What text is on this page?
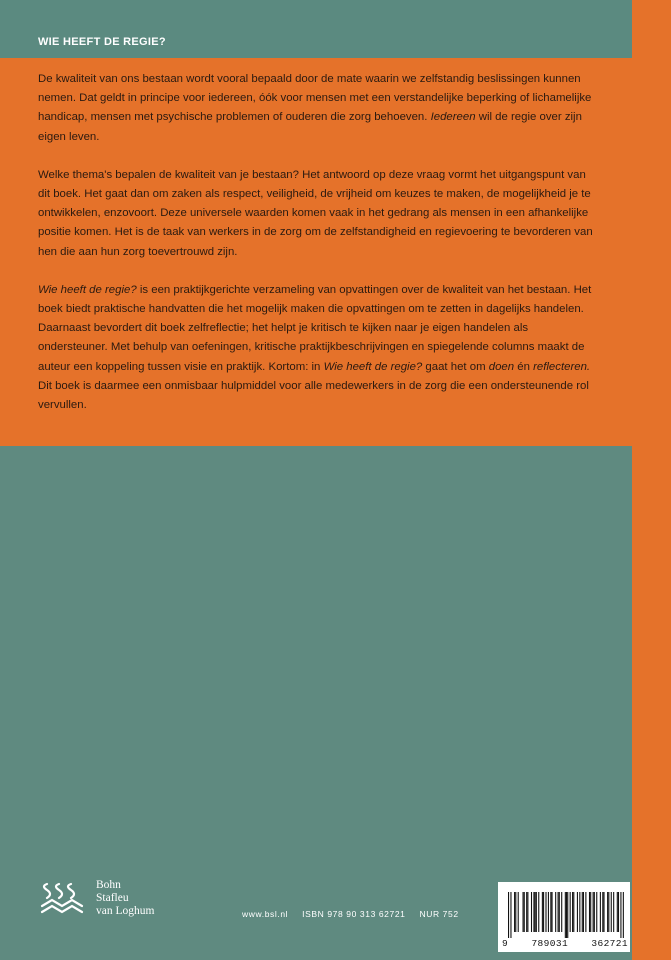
WIE HEEFT DE REGIE?

De kwaliteit van ons bestaan wordt vooral bepaald door de mate waarin we zelfstandig beslissingen kunnen nemen. Dat geldt in principe voor iedereen, óók voor mensen met een verstandelijke beperking of lichamelijke handicap, mensen met psychische problemen of ouderen die zorg behoeven. Iedereen wil de regie over zijn eigen leven.

Welke thema's bepalen de kwaliteit van je bestaan? Het antwoord op deze vraag vormt het uitgangspunt van dit boek. Het gaat dan om zaken als respect, veiligheid, de vrijheid om keuzes te maken, de mogelijkheid je te ontwikkelen, enzovoort. Deze universele waarden komen vaak in het gedrang als mensen in een afhankelijke positie komen. Het is de taak van werkers in de zorg om de zelfstandigheid en regievoering te bevorderen van hen die aan hun zorg toevertrouwd zijn.

Wie heeft de regie? is een praktijkgerichte verzameling van opvattingen over de kwaliteit van het bestaan. Het boek biedt praktische handvatten die het mogelijk maken die opvattingen om te zetten in dagelijks handelen. Daarnaast bevordert dit boek zelfreflectie; het helpt je kritisch te kijken naar je eigen handelen als ondersteuner. Met behulp van oefeningen, kritische praktijkbeschrijvingen en spiegelende columns maakt de auteur een koppeling tussen visie en praktijk. Kortom: in Wie heeft de regie? gaat het om doen én reflecteren. Dit boek is daarmee een onmisbaar hulpmiddel voor alle medewerkers in de zorg die een ondersteunende rol vervullen.

Bohn
Stafleu
van Loghum	www.bsl.nl ISBN 978 90 313 62721 NUR 752
9 789031 362721
